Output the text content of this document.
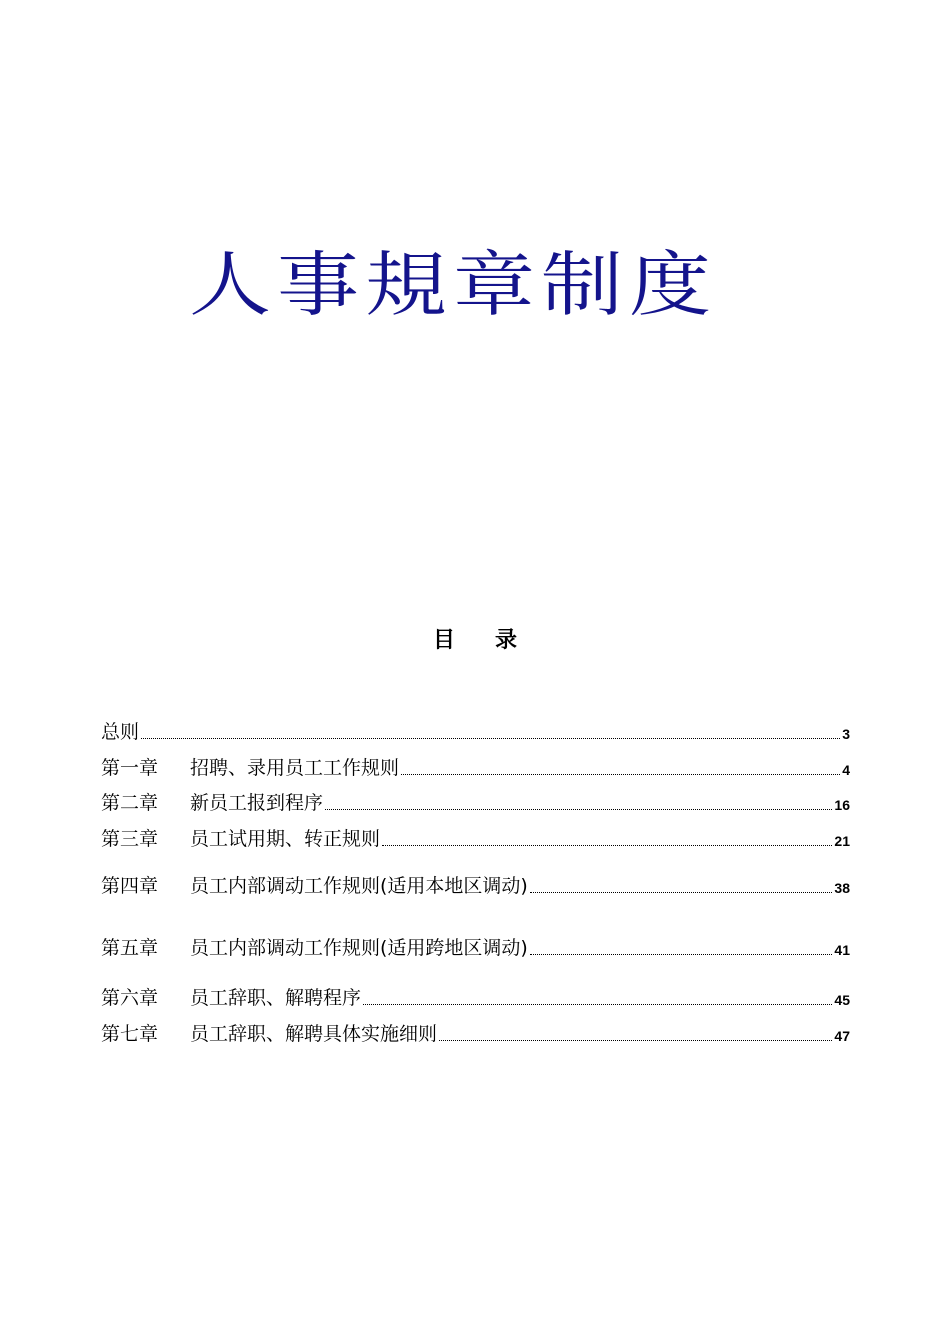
人事規章制度
目 录
总则	3
第一章 招聘、录用员工工作规则	4
第二章 新员工报到程序	16
第三章 员工试用期、转正规则	21
第四章 员工内部调动工作规则(适用本地区调动)	38
第五章 员工内部调动工作规则(适用跨地区调动)	41
第六章 员工辞职、解聘程序	45
第七章 员工辞职、解聘具体实施细则	47
